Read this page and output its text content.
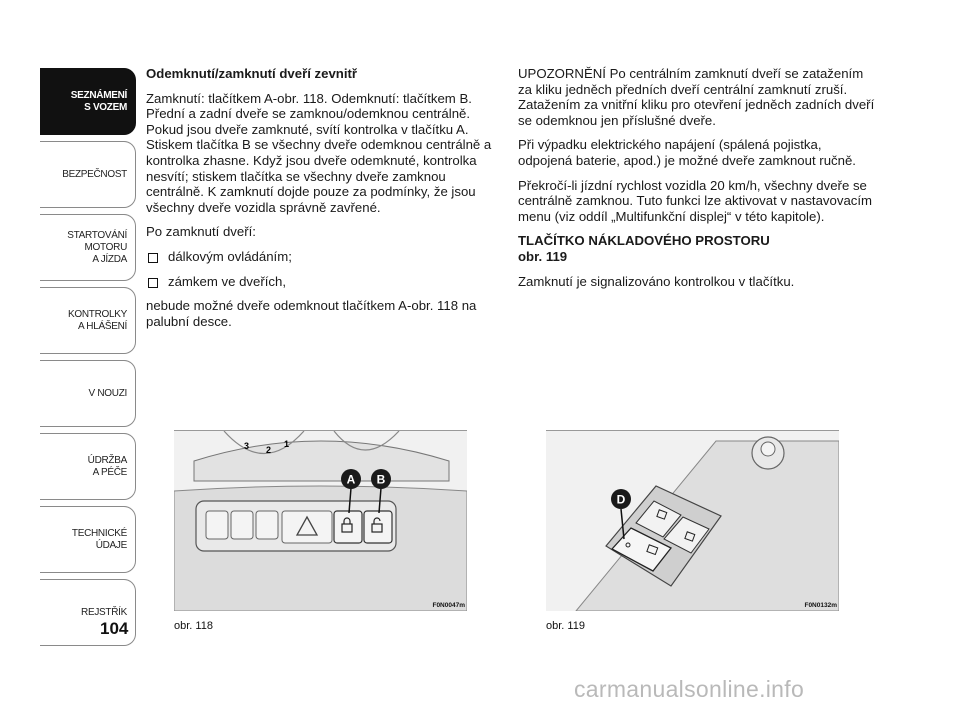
SEZNÁMENÍ
S VOZEM
BEZPEČNOST
STARTOVÁNÍ
MOTORU
A JÍZDA
KONTROLKY
A HLÁŠENÍ
V NOUZI
ÚDRŽBA
A PÉČE
TECHNICKÉ
ÚDAJE
REJSTŘÍK
104
Odemknutí/zamknutí dveří zevnitř

Zamknutí: tlačítkem A-obr. 118. Odemknutí: tlačítkem B. Přední a zadní dveře se zamknou/odemknou centrálně. Pokud jsou dveře zamknuté, svítí kontrolka v tlačítku A. Stiskem tlačítka B se všechny dveře odemknou centrálně a kontrolka zhasne. Když jsou dveře odemknuté, kontrolka nesvítí; stiskem tlačítka se všechny dveře zamknou centrálně. K zamknutí dojde pouze za podmínky, že jsou všechny dveře vozidla správně zavřené.

Po zamknutí dveří:

dálkovým ovládáním;
zámkem ve dveřích,

nebude možné dveře odemknout tlačítkem A-obr. 118 na palubní desce.

UPOZORNĚNÍ Po centrálním zamknutí dveří se zatažením za kliku jedněch předních dveří centrální zamknutí zruší. Zatažením za vnitřní kliku pro otevření jedněch zadních dveří se odemknou jen příslušné dveře.

Při výpadku elektrického napájení (spálená pojistka, odpojená baterie, apod.) je možné dveře zamknout ručně.

Překročí-li jízdní rychlost vozidla 20 km/h, všechny dveře se centrálně zamknou. Tuto funkci lze aktivovat v nastavovacím menu (viz oddíl „Multifunkční displej“ v této kapitole).

TLAČÍTKO NÁKLADOVÉHO PROSTORU
obr. 119

Zamknutí je signalizováno kontrolkou v tlačítku.

3 2
1
A B
F0N0047m
obr. 118
D
F0N0132m
obr. 119
carmanualsonline.info
